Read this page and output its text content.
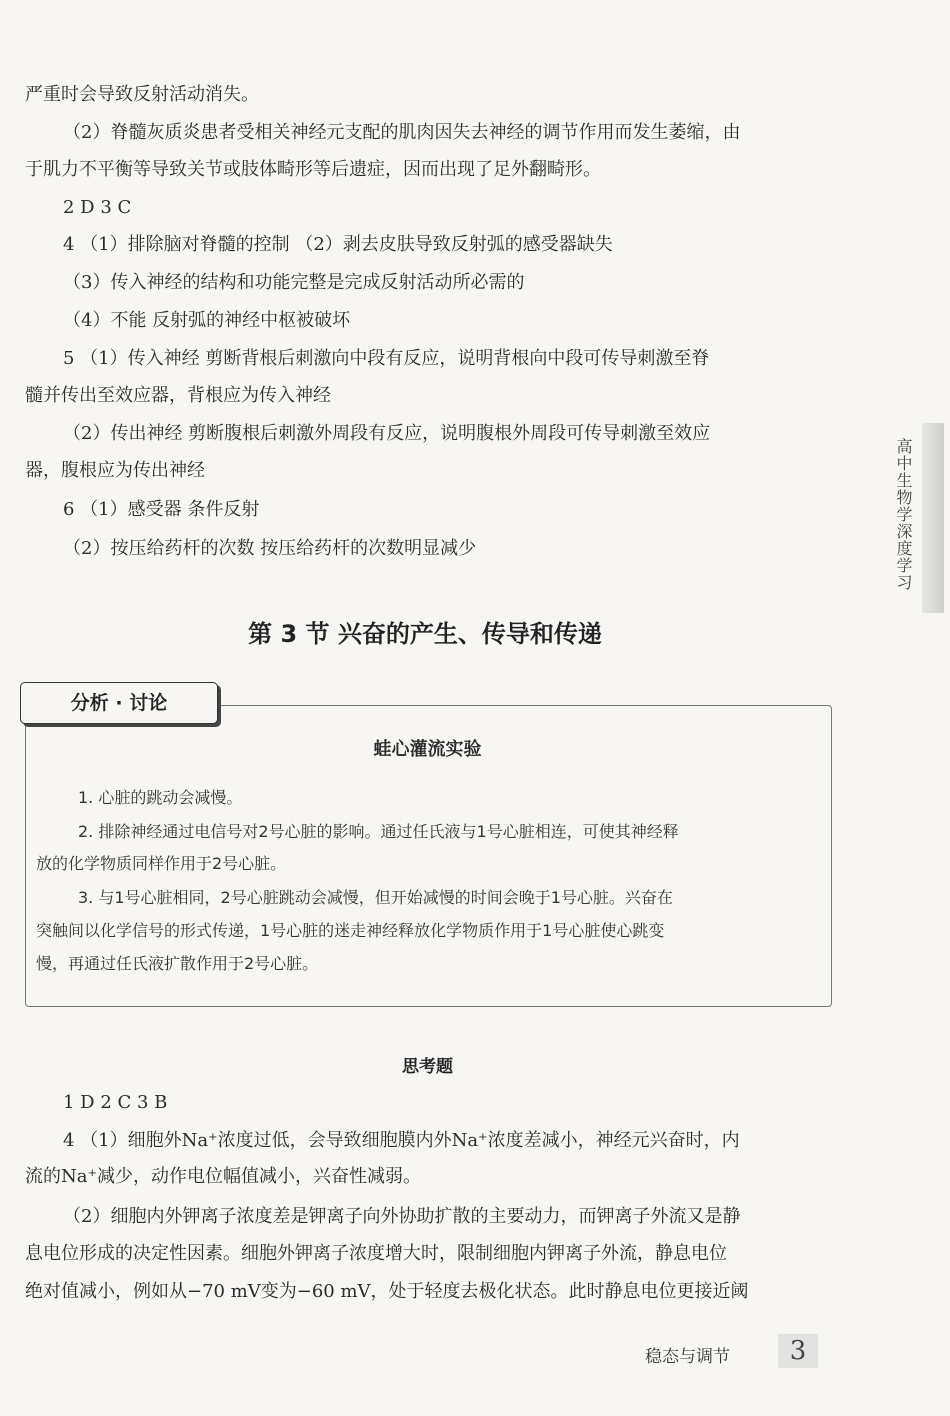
严重时会导致反射活动消失。
（2）脊髓灰质炎患者受相关神经元支配的肌肉因失去神经的调节作用而发生萎缩，由
于肌力不平衡等导致关节或肢体畸形等后遗症，因而出现了足外翻畸形。
2 D 3 C
4 （1）排除脑对脊髓的控制 （2）剥去皮肤导致反射弧的感受器缺失
（3）传入神经的结构和功能完整是完成反射活动所必需的
（4）不能 反射弧的神经中枢被破坏
5 （1）传入神经 剪断背根后刺激向中段有反应，说明背根向中段可传导刺激至脊
髓并传出至效应器，背根应为传入神经
（2）传出神经 剪断腹根后刺激外周段有反应，说明腹根外周段可传导刺激至效应
器，腹根应为传出神经
6 （1）感受器 条件反射
（2）按压给药杆的次数 按压给药杆的次数明显减少	高中生物学深度学习
第 3 节 兴奋的产生、传导和传递
分析 · 讨论
蛙心灌流实验
1. 心脏的跳动会减慢。
2. 排除神经通过电信号对2号心脏的影响。通过任氏液与1号心脏相连，可使其神经释
放的化学物质同样作用于2号心脏。
3. 与1号心脏相同，2号心脏跳动会减慢，但开始减慢的时间会晚于1号心脏。兴奋在
突触间以化学信号的形式传递，1号心脏的迷走神经释放化学物质作用于1号心脏使心跳变
慢，再通过任氏液扩散作用于2号心脏。
思考题
1 D 2 C 3 B
4 （1）细胞外Na⁺浓度过低，会导致细胞膜内外Na⁺浓度差减小，神经元兴奋时，内
流的Na⁺减少，动作电位幅值减小，兴奋性减弱。
（2）细胞内外钾离子浓度差是钾离子向外协助扩散的主要动力，而钾离子外流又是静
息电位形成的决定性因素。细胞外钾离子浓度增大时，限制细胞内钾离子外流，静息电位
绝对值减小，例如从−70 mV变为−60 mV，处于轻度去极化状态。此时静息电位更接近阈
稳态与调节	3
